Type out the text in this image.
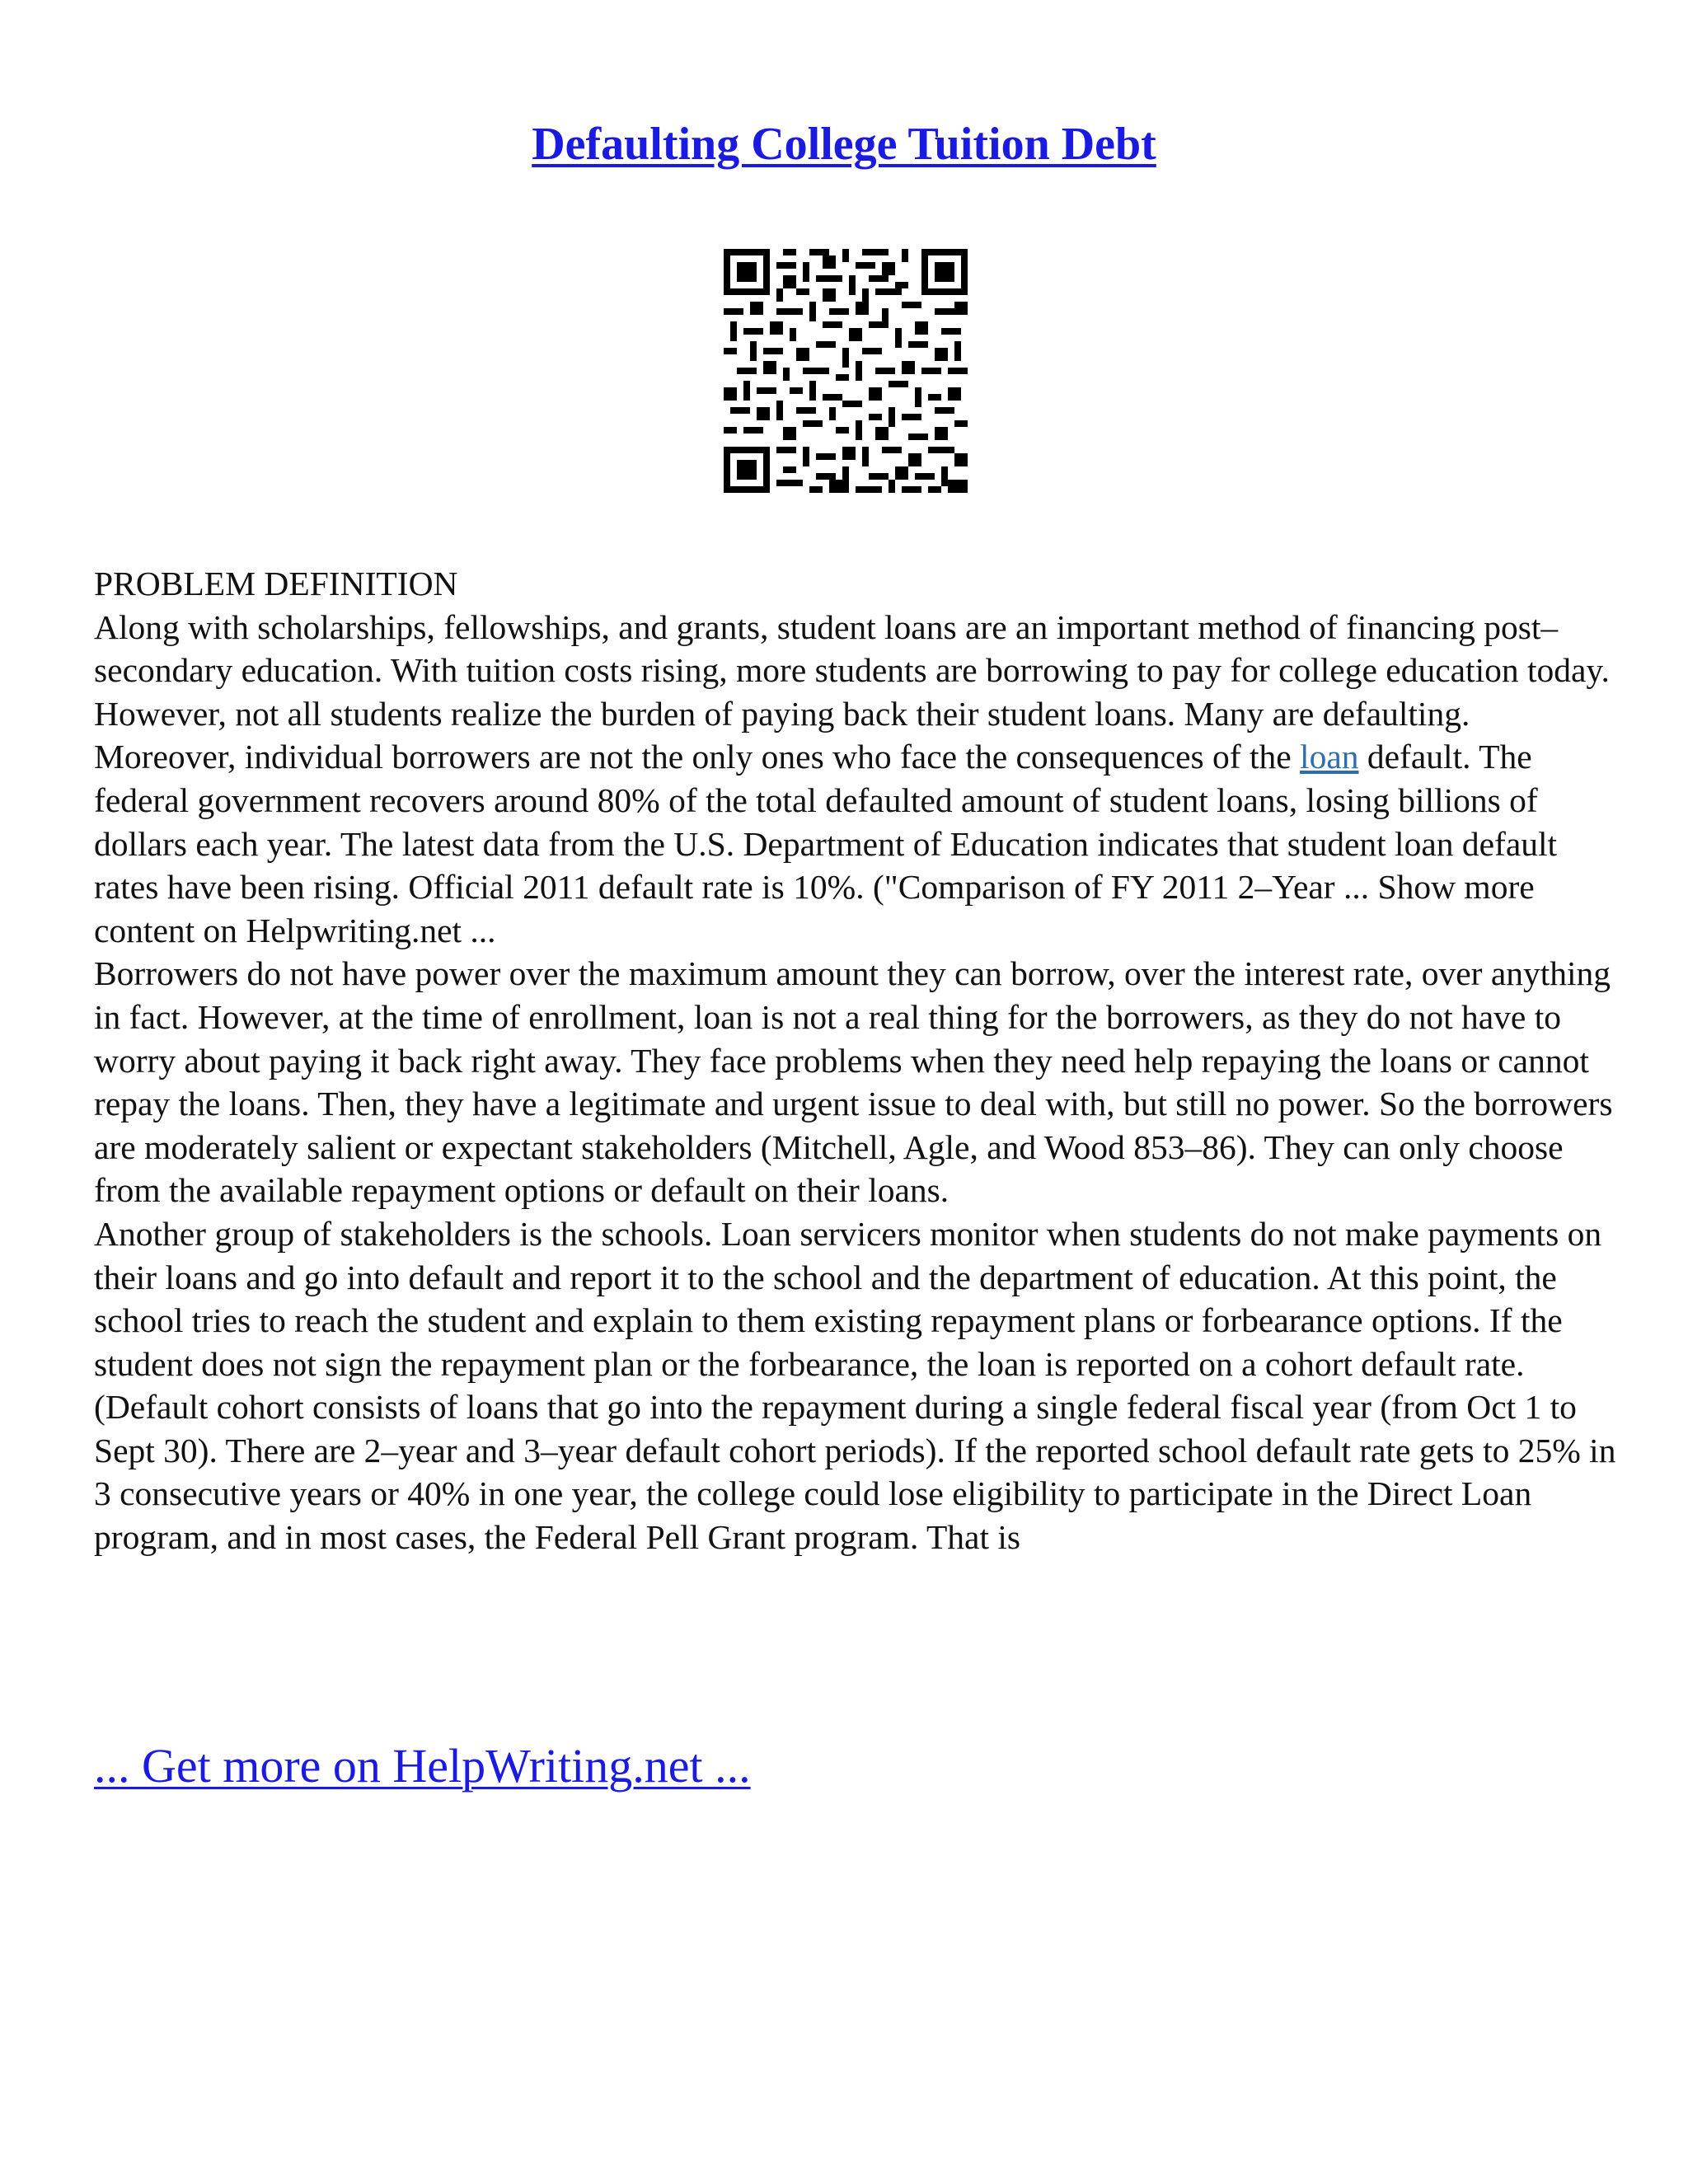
Defaulting College Tuition Debt

PROBLEM DEFINITION

Along with scholarships, fellowships, and grants, student loans are an important method of financing post–secondary education. With tuition costs rising, more students are borrowing to pay for college education today. However, not all students realize the burden of paying back their student loans. Many are defaulting.

Moreover, individual borrowers are not the only ones who face the consequences of the loan default. The federal government recovers around 80% of the total defaulted amount of student loans, losing billions of dollars each year. The latest data from the U.S. Department of Education indicates that student loan default rates have been rising. Official 2011 default rate is 10%. ("Comparison of FY 2011 2–Year ... Show more content on Helpwriting.net ...

Borrowers do not have power over the maximum amount they can borrow, over the interest rate, over anything in fact. However, at the time of enrollment, loan is not a real thing for the borrowers, as they do not have to worry about paying it back right away. They face problems when they need help repaying the loans or cannot repay the loans. Then, they have a legitimate and urgent issue to deal with, but still no power. So the borrowers are moderately salient or expectant stakeholders (Mitchell, Agle, and Wood 853–86). They can only choose from the available repayment options or default on their loans.

Another group of stakeholders is the schools. Loan servicers monitor when students do not make payments on their loans and go into default and report it to the school and the department of education. At this point, the school tries to reach the student and explain to them existing repayment plans or forbearance options. If the student does not sign the repayment plan or the forbearance, the loan is reported on a cohort default rate. (Default cohort consists of loans that go into the repayment during a single federal fiscal year (from Oct 1 to Sept 30). There are 2–year and 3–year default cohort periods). If the reported school default rate gets to 25% in 3 consecutive years or 40% in one year, the college could lose eligibility to participate in the Direct Loan program, and in most cases, the Federal Pell Grant program. That is

... Get more on HelpWriting.net ...
